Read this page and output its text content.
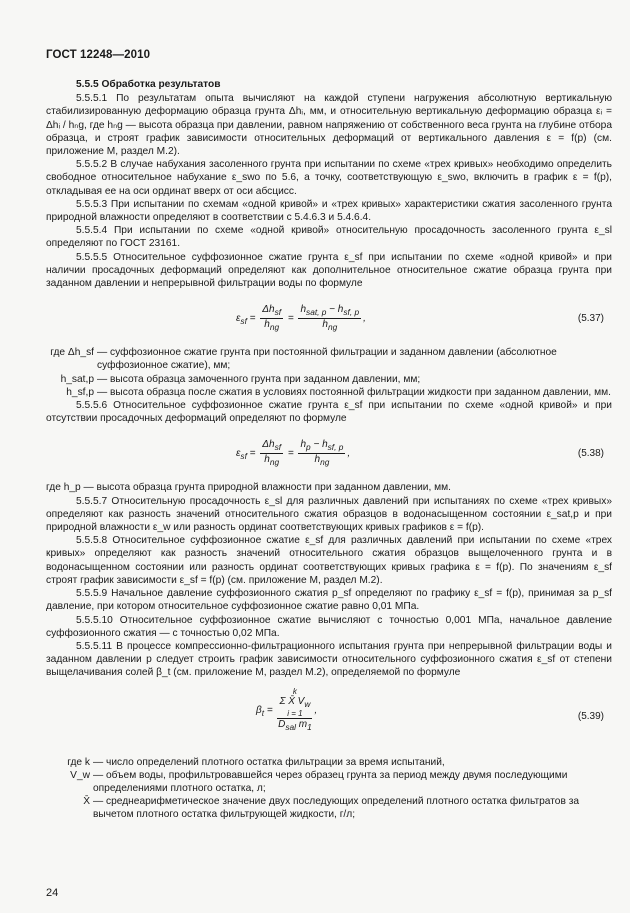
ГОСТ 12248—2010
5.5.5 Обработка результатов

5.5.5.1 По результатам опыта вычисляют на каждой ступени нагружения абсолютную вертикальную стабилизированную деформацию образца грунта Δhᵢ, мм, и относительную вертикальную деформацию образца εᵢ = Δhᵢ / hₙg, где hₙg — высота образца при давлении, равном напряжению от собственного веса грунта на глубине отбора образца, и строят график зависимости относительных деформаций от вертикального давления ε = f(p) (см. приложение М, раздел М.2).

5.5.5.2 В случае набухания засоленного грунта при испытании по схеме «трех кривых» необходимо определить свободное относительное набухание ε_swo по 5.6, а точку, соответствующую ε_swo, включить в график ε = f(p), откладывая ее на оси ординат вверх от оси абсцисс.

5.5.5.3 При испытании по схемам «одной кривой» и «трех кривых» характеристики сжатия засоленного грунта природной влажности определяют в соответствии с 5.4.6.3 и 5.4.6.4.

5.5.5.4 При испытании по схеме «одной кривой» относительную просадочность засоленного грунта ε_sl определяют по ГОСТ 23161.

5.5.5.5 Относительное суффозионное сжатие грунта ε_sf при испытании по схеме «одной кривой» и при наличии просадочных деформаций определяют как дополнительное относительное сжатие образца грунта при заданном давлении и непрерывной фильтрации воды по формуле

$\varepsilon_{sf} = \frac{\Delta h_{sf}}{h_{ng}} = \frac{h_{sat, p} - h_{sf, p}}{h_{ng}}$ ,	(5.37)
где Δh_sf	— суффозионное сжатие грунта при постоянной фильтрации и заданном давлении (абсолютное суффозионное сжатие), мм;
h_sat,p	— высота образца замоченного грунта при заданном давлении, мм;
h_sf,p	— высота образца после сжатия в условиях постоянной фильтрации жидкости при заданном давлении, мм.

5.5.5.6 Относительное суффозионное сжатие грунта ε_sf при испытании по схеме «одной кривой» и при отсутствии просадочных деформаций определяют по формуле

$\varepsilon_{sf} = \frac{\Delta h_{sf}}{h_{ng}} = \frac{h_p - h_{sf, p}}{h_{ng}}$ ,	(5.38)

где h_p — высота образца грунта природной влажности при заданном давлении, мм.

5.5.5.7 Относительную просадочность ε_sl для различных давлений при испытаниях по схеме «трех кривых» определяют как разность значений относительного сжатия образцов в водонасыщенном состоянии ε_sat,p и при природной влажности ε_w или разность ординат соответствующих кривых графиков ε = f(p).

5.5.5.8 Относительное суффозионное сжатие ε_sf для различных давлений при испытании по схеме «трех кривых» определяют как разность значений относительного сжатия образцов выщелоченного грунта и в водонасыщенном состоянии или разность ординат соответствующих кривых графика ε = f(p). По значениям ε_sf строят график зависимости ε_sf = f(p) (см. приложение М, раздел М.2).

5.5.5.9 Начальное давление суффозионного сжатия p_sf определяют по графику ε_sf = f(p), принимая за p_sf давление, при котором относительное суффозионное сжатие равно 0,01 МПа.

5.5.5.10 Относительное суффозионное сжатие вычисляют с точностью 0,001 МПа, начальное давление суффозионного сжатия — с точностью 0,02 МПа.

5.5.5.11 В процессе компрессионно-фильтрационного испытания грунта при непрерывной фильтрации воды и заданном давлении p следует строить график зависимости относительного суффозионного сжатия ε_sf от степени выщелачивания солей β_t (см. приложение М, раздел М.2), определяемой по формуле

$\beta_t = k$
Σ X̄ $V_w$
i = 1
$D_{sal}$ $m_1$ ,
(5.39)
где k	— число определений плотного остатка фильтрации за время испытаний,
V_w	— объем воды, профильтровавшейся через образец грунта за период между двумя последующими определениями плотного остатка, л;
X̄	— среднеарифметическое значение двух последующих определений плотного остатка фильтратов за вычетом плотного остатка фильтрующей жидкости, г/л;
24
